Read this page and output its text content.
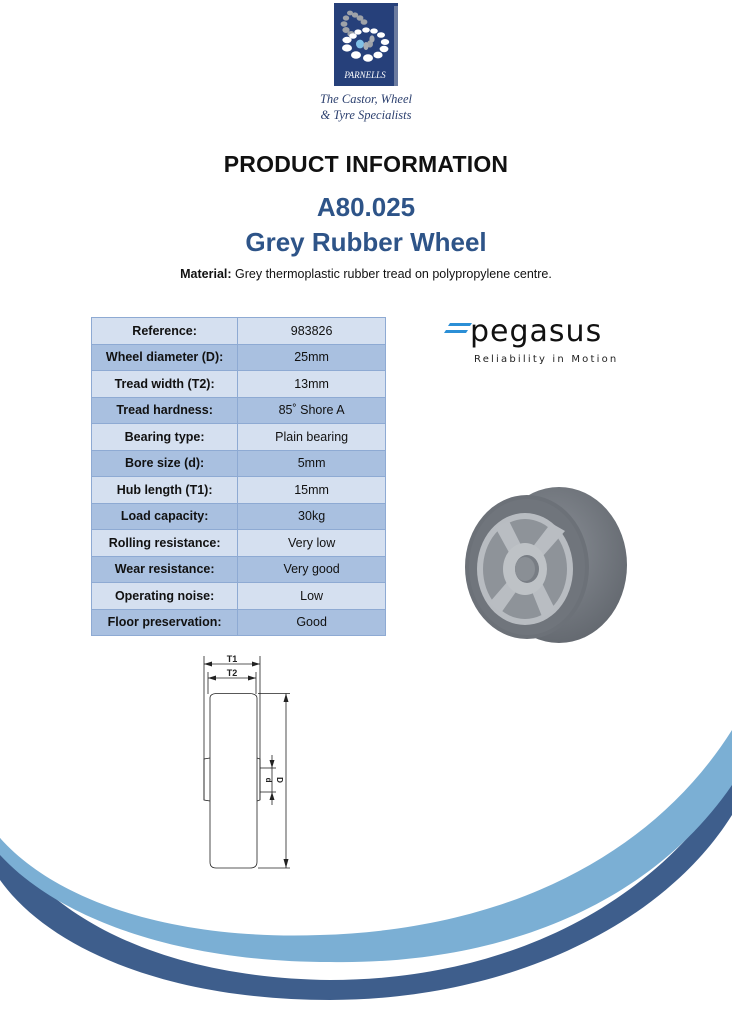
PARNELLS
The Castor, Wheel
& Tyre Specialists
PRODUCT INFORMATION
A80.025
Grey Rubber Wheel
Material: Grey thermoplastic rubber tread on polypropylene centre.
Reference:	983826
Wheel diameter (D):	25mm
Tread width (T2):	13mm
Tread hardness:	85˚ Shore A
Bearing type:	Plain bearing
Bore size (d):	5mm
Hub length (T1):	15mm
Load capacity:	30kg
Rolling resistance:	Very low
Wear resistance:	Very good
Operating noise:	Low
Floor preservation:	Good
pegasus
Reliability in Motion
T1
T2
d D
